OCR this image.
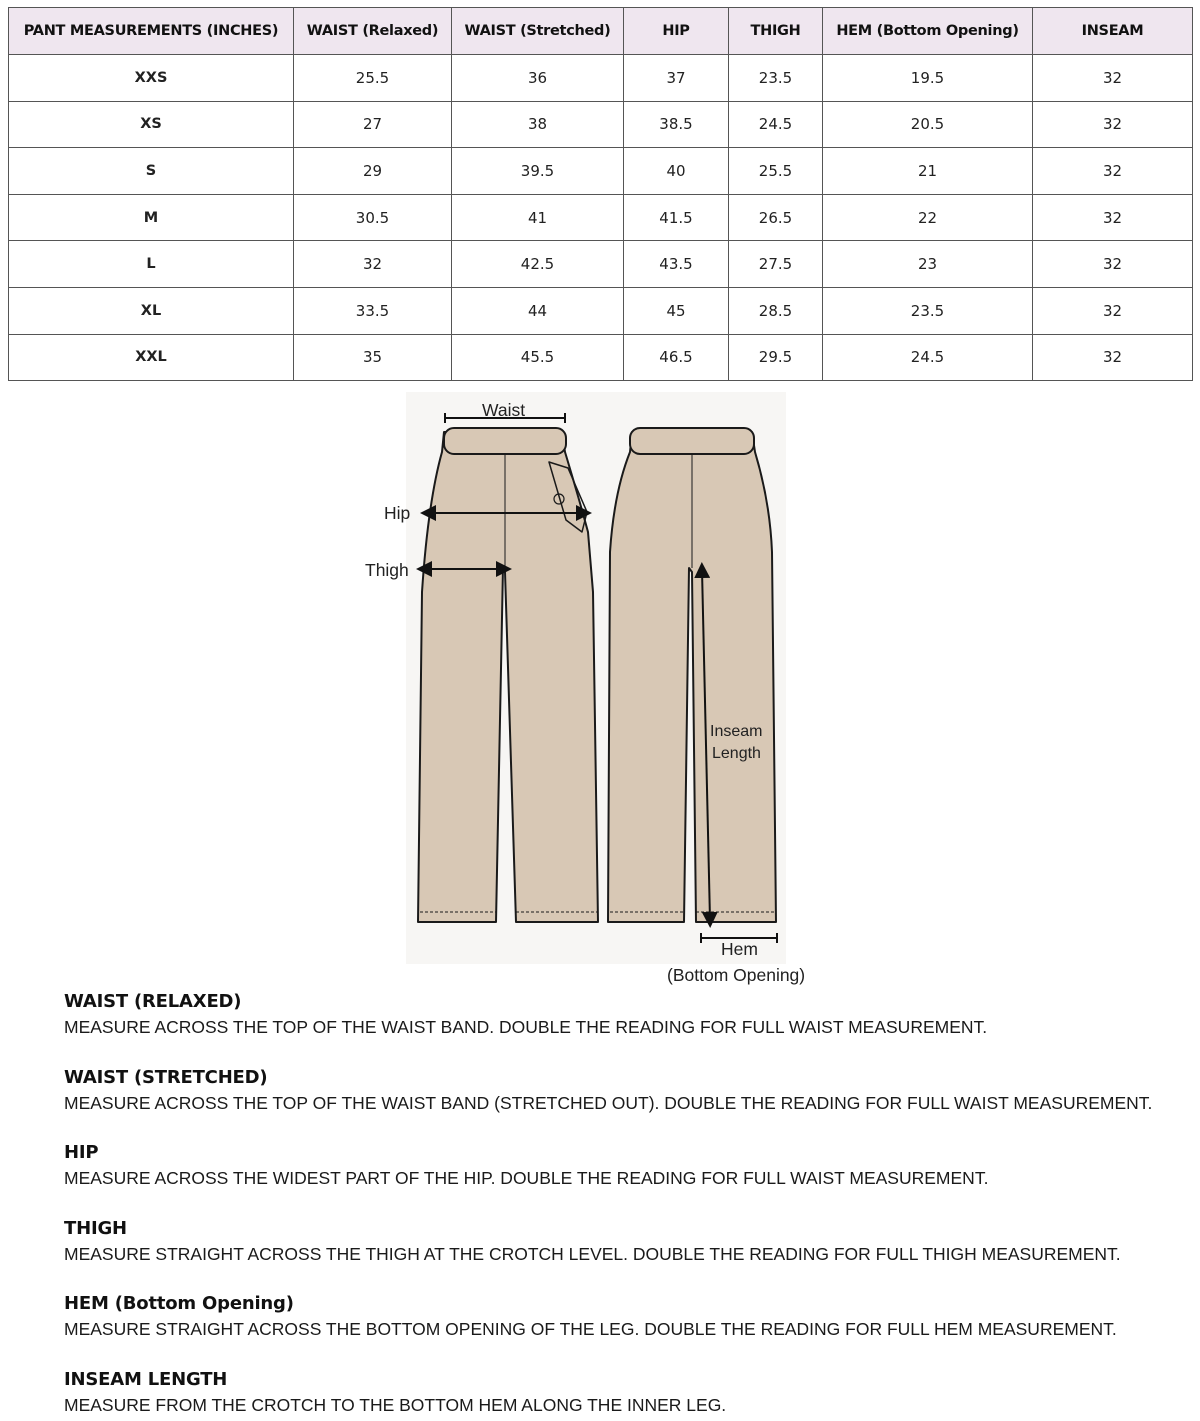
PANT MEASUREMENTS (INCHES)	WAIST (Relaxed)	WAIST (Stretched)	HIP	THIGH	HEM (Bottom Opening)	INSEAM
XXS	25.5	36	37	23.5	19.5	32
XS	27	38	38.5	24.5	20.5	32
S	29	39.5	40	25.5	21	32
M	30.5	41	41.5	26.5	22	32
L	32	42.5	43.5	27.5	23	32
XL	33.5	44	45	28.5	23.5	32
XXL	35	45.5	46.5	29.5	24.5	32
Waist
Hip
Thigh
Inseam
Length
Hem
(Bottom Opening)
WAIST (RELAXED)
MEASURE ACROSS THE TOP OF THE WAIST BAND. DOUBLE THE READING FOR FULL WAIST MEASUREMENT.
WAIST (STRETCHED)
MEASURE ACROSS THE TOP OF THE WAIST BAND (STRETCHED OUT). DOUBLE THE READING FOR FULL WAIST MEASUREMENT.
HIP
MEASURE ACROSS THE WIDEST PART OF THE HIP. DOUBLE THE READING FOR FULL WAIST MEASUREMENT.
THIGH
MEASURE STRAIGHT ACROSS THE THIGH AT THE CROTCH LEVEL. DOUBLE THE READING FOR FULL THIGH MEASUREMENT.
HEM (Bottom Opening)
MEASURE STRAIGHT ACROSS THE BOTTOM OPENING OF THE LEG. DOUBLE THE READING FOR FULL HEM MEASUREMENT.
INSEAM LENGTH
MEASURE FROM THE CROTCH TO THE BOTTOM HEM ALONG THE INNER LEG.
